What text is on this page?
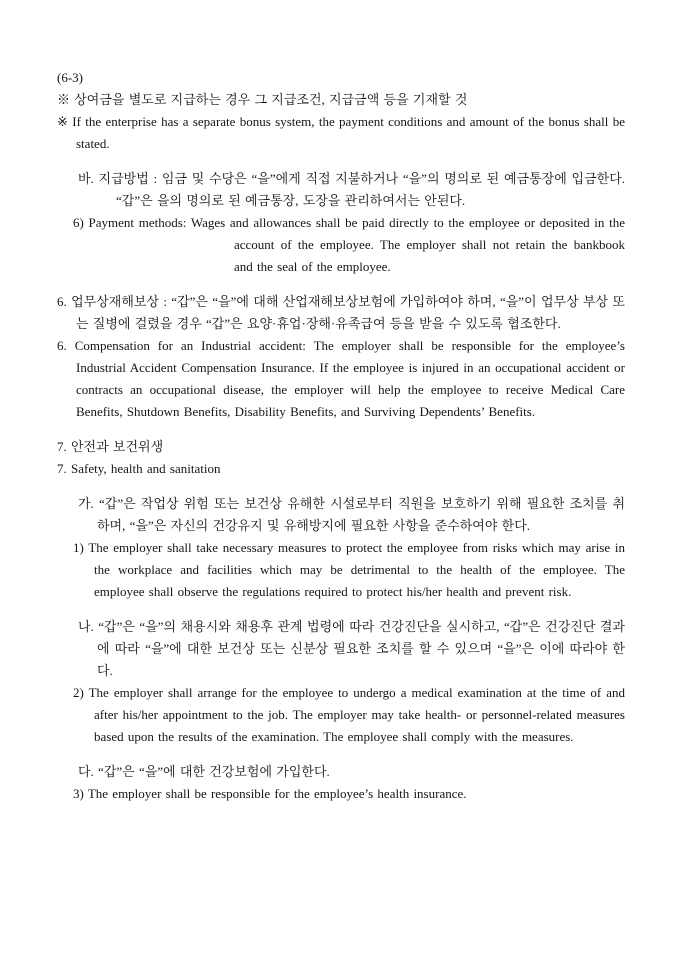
(6-3)

※ 상여금을 별도로 지급하는 경우 그 지급조건, 지급금액 등을 기재할 것

※ If the enterprise has a separate bonus system, the payment conditions and amount of the bonus shall be stated.

바. 지급방법 : 임금 및 수당은 “을”에게 직접 지불하거나 “을”의 명의로 된 예금통장에 입금한다. “갑”은 을의 명의로 된 예금통장, 도장을 관리하여서는 안된다.

6) Payment methods: Wages and allowances shall be paid directly to the employee or deposited in the account of the employee. The employer shall not retain the bankbook and the seal of the employee.

6. 업무상재해보상 : “갑”은 “을”에 대해 산업재해보상보험에 가입하여야 하며, “을”이 업무상 부상 또는 질병에 걸렸을 경우 “갑”은 요양·휴업·장해·유족급여 등을 받을 수 있도록 협조한다.

6. Compensation for an Industrial accident: The employer shall be responsible for the employee’s Industrial Accident Compensation Insurance. If the employee is injured in an occupational accident or contracts an occupational disease, the employer will help the employee to receive Medical Care Benefits, Shutdown Benefits, Disability Benefits, and Surviving Dependents’ Benefits.

7. 안전과 보건위생

7. Safety, health and sanitation

가. “갑”은 작업상 위험 또는 보건상 유해한 시설로부터 직원을 보호하기 위해 필요한 조치를 취하며, “을”은 자신의 건강유지 및 유해방지에 필요한 사항을 준수하여야 한다.

1) The employer shall take necessary measures to protect the employee from risks which may arise in the workplace and facilities which may be detrimental to the health of the employee. The employee shall observe the regulations required to protect his/her health and prevent risk.

나. “갑”은 “을”의 채용시와 채용후 관계 법령에 따라 건강진단을 실시하고, “갑”은 건강진단 결과에 따라 “을”에 대한 보건상 또는 신분상 필요한 조치를 할 수 있으며 “을”은 이에 따라야 한다.

2) The employer shall arrange for the employee to undergo a medical examination at the time of and after his/her appointment to the job. The employer may take health- or personnel-related measures based upon the results of the examination. The employee shall comply with the measures.

다. “갑”은 “을”에 대한 건강보험에 가입한다.

3) The employer shall be responsible for the employee’s health insurance.
